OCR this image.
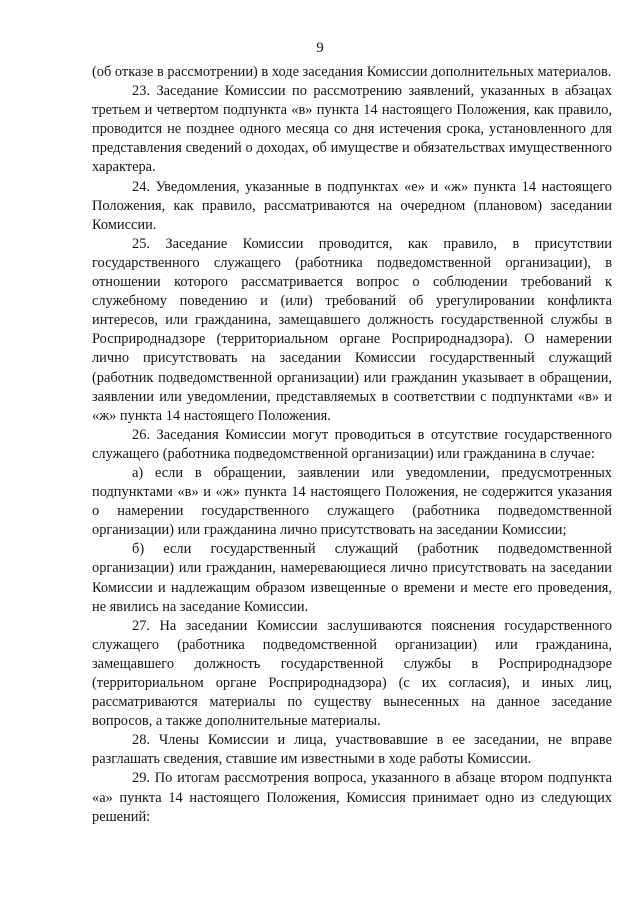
9

(об отказе в рассмотрении) в ходе заседания Комиссии дополнительных материалов.

23. Заседание Комиссии по рассмотрению заявлений, указанных в абзацах третьем и четвертом подпункта «в» пункта 14 настоящего Положения, как правило, проводится не позднее одного месяца со дня истечения срока, установленного для представления сведений о доходах, об имуществе и обязательствах имущественного характера.

24. Уведомления, указанные в подпунктах «е» и «ж» пункта 14 настоящего Положения, как правило, рассматриваются на очередном (плановом) заседании Комиссии.

25. Заседание Комиссии проводится, как правило, в присутствии государственного служащего (работника подведомственной организации), в отношении которого рассматривается вопрос о соблюдении требований к служебному поведению и (или) требований об урегулировании конфликта интересов, или гражданина, замещавшего должность государственной службы в Росприроднадзоре (территориальном органе Росприроднадзора). О намерении лично присутствовать на заседании Комиссии государственный служащий (работник подведомственной организации) или гражданин указывает в обращении, заявлении или уведомлении, представляемых в соответствии с подпунктами «в» и «ж» пункта 14 настоящего Положения.

26. Заседания Комиссии могут проводиться в отсутствие государственного служащего (работника подведомственной организации) или гражданина в случае:

а) если в обращении, заявлении или уведомлении, предусмотренных подпунктами «в» и «ж» пункта 14 настоящего Положения, не содержится указания о намерении государственного служащего (работника подведомственной организации) или гражданина лично присутствовать на заседании Комиссии;

б) если государственный служащий (работник подведомственной организации) или гражданин, намеревающиеся лично присутствовать на заседании Комиссии и надлежащим образом извещенные о времени и месте его проведения, не явились на заседание Комиссии.

27. На заседании Комиссии заслушиваются пояснения государственного служащего (работника подведомственной организации) или гражданина, замещавшего должность государственной службы в Росприроднадзоре (территориальном органе Росприроднадзора) (с их согласия), и иных лиц, рассматриваются материалы по существу вынесенных на данное заседание вопросов, а также дополнительные материалы.

28. Члены Комиссии и лица, участвовавшие в ее заседании, не вправе разглашать сведения, ставшие им известными в ходе работы Комиссии.

29. По итогам рассмотрения вопроса, указанного в абзаце втором подпункта «а» пункта 14 настоящего Положения, Комиссия принимает одно из следующих решений:
